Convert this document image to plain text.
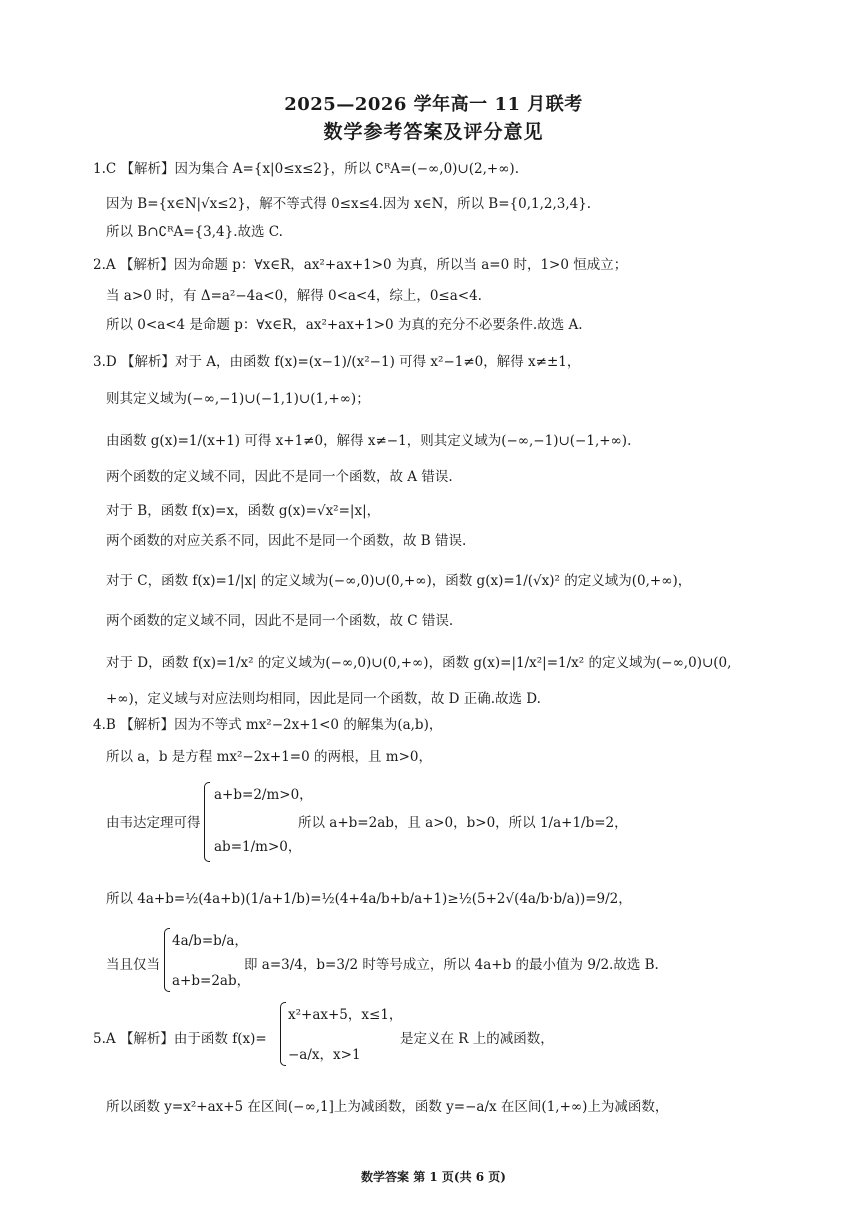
2025—2026 学年高一 11 月联考
数学参考答案及评分意见
1.C 【解析】因为集合 A={x|0≤x≤2}，所以 ∁ᴿA=(−∞,0)∪(2,+∞).
因为 B={x∈N|√x≤2}，解不等式得 0≤x≤4.因为 x∈N，所以 B={0,1,2,3,4}.
所以 B∩∁ᴿA={3,4}.故选 C.
2.A 【解析】因为命题 p：∀x∈R，ax²+ax+1>0 为真，所以当 a=0 时，1>0 恒成立；
当 a>0 时，有 Δ=a²−4a<0，解得 0<a<4，综上，0≤a<4.
所以 0<a<4 是命题 p：∀x∈R，ax²+ax+1>0 为真的充分不必要条件.故选 A.
3.D 【解析】对于 A，由函数 f(x)=(x−1)/(x²−1) 可得 x²−1≠0，解得 x≠±1，
则其定义域为(−∞,−1)∪(−1,1)∪(1,+∞)；
由函数 g(x)=1/(x+1) 可得 x+1≠0，解得 x≠−1，则其定义域为(−∞,−1)∪(−1,+∞).
两个函数的定义域不同，因此不是同一个函数，故 A 错误.
对于 B，函数 f(x)=x，函数 g(x)=√x²=|x|，
两个函数的对应关系不同，因此不是同一个函数，故 B 错误.
对于 C，函数 f(x)=1/|x| 的定义域为(−∞,0)∪(0,+∞)，函数 g(x)=1/(√x)² 的定义域为(0,+∞)，
两个函数的定义域不同，因此不是同一个函数，故 C 错误.
对于 D，函数 f(x)=1/x² 的定义域为(−∞,0)∪(0,+∞)，函数 g(x)=|1/x²|=1/x² 的定义域为(−∞,0)∪(0,
+∞)，定义域与对应法则均相同，因此是同一个函数，故 D 正确.故选 D.
4.B 【解析】因为不等式 mx²−2x+1<0 的解集为(a,b)，
所以 a，b 是方程 mx²−2x+1=0 的两根，且 m>0，
由韦达定理可得
a+b=2/m>0，
ab=1/m>0，
所以 a+b=2ab，且 a>0，b>0，所以 1/a+1/b=2，
所以 4a+b=½(4a+b)(1/a+1/b)=½(4+4a/b+b/a+1)≥½(5+2√(4a/b·b/a))=9/2，
当且仅当
4a/b=b/a，
a+b=2ab，
即 a=3/4，b=3/2 时等号成立，所以 4a+b 的最小值为 9/2.故选 B.
5.A 【解析】由于函数 f(x)=
x²+ax+5，x≤1，
−a/x，x>1
是定义在 R 上的减函数，
所以函数 y=x²+ax+5 在区间(−∞,1]上为减函数，函数 y=−a/x 在区间(1,+∞)上为减函数，
数学答案 第 1 页(共 6 页)
